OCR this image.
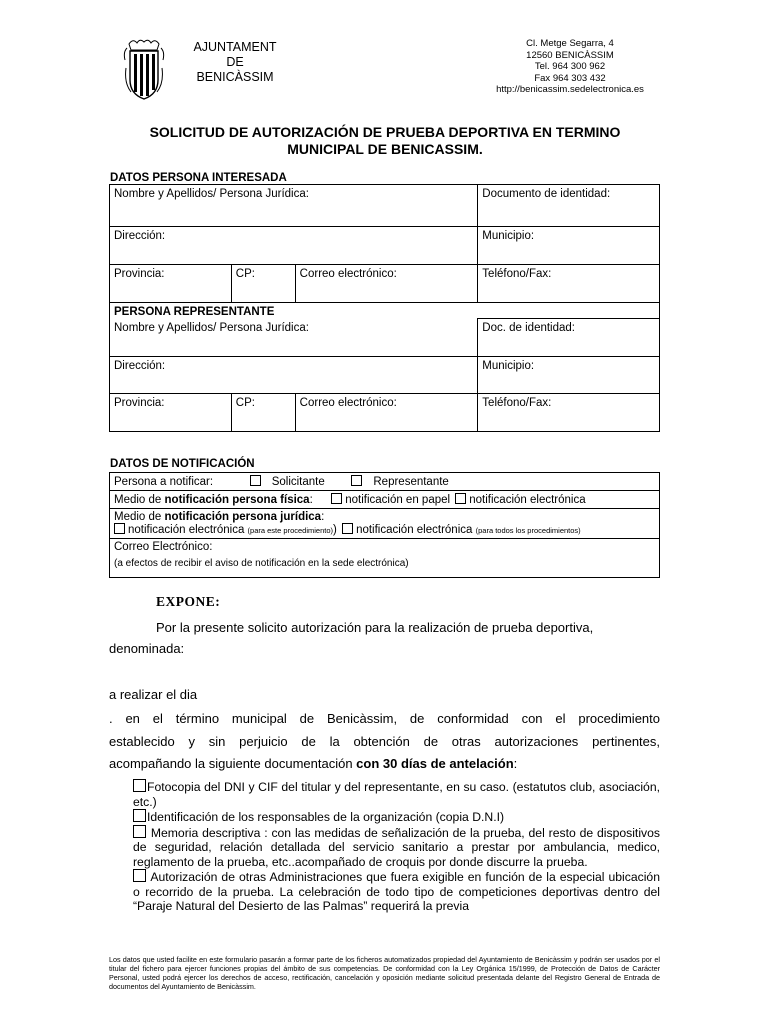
AJUNTAMENT
DE
BENICÀSSIM
Cl. Metge Segarra, 4
12560 BENICÀSSIM
Tel. 964 300 962
Fax 964 303 432
http://benicassim.sedelectronica.es
SOLICITUD DE AUTORIZACIÓN DE PRUEBA DEPORTIVA EN TERMINO
MUNICIPAL DE BENICASSIM.
DATOS PERSONA INTERESADA
Nombre y Apellidos/ Persona Jurídica:			Documento de identidad:
Dirección:			Municipio:
Provincia:	CP:	Correo electrónico:	Teléfono/Fax:
PERSONA REPRESENTANTE			
Nombre y Apellidos/ Persona Jurídica:			Doc. de identidad:
Dirección:			Municipio:
Provincia:	CP:	Correo electrónico:	Teléfono/Fax:
DATOS DE NOTIFICACIÓN
Persona a notificar:	Solicitante	Representante
Medio de notificación persona física:	notificación en papel notificación electrónica
Medio de notificación persona jurídica:
notificación electrónica (para este procedimiento)) notificación electrónica (para todos los procedimientos)
Correo Electrónico:
(a efectos de recibir el aviso de notificación en la sede electrónica)
EXPONE:
Por la presente solicito autorización para la realización de prueba deportiva,
denominada:
a realizar el dia
. en el término municipal de Benicàssim, de conformidad con el procedimiento
establecido y sin perjuicio de la obtención de otras autorizaciones pertinentes,
acompañando la siguiente documentación con 30 días de antelación:

Fotocopia del DNI y CIF del titular y del representante, en su caso. (estatutos club, asociación, etc.)

Identificación de los responsables de la organización (copia D.N.I)

Memoria descriptiva : con las medidas de señalización de la prueba, del resto de dispositivos de seguridad, relación detallada del servicio sanitario a prestar por ambulancia, medico, reglamento de la prueba, etc..acompañado de croquis por donde discurre la prueba.

Autorización de otras Administraciones que fuera exigible en función de la especial ubicación o recorrido de la prueba. La celebración de todo tipo de competiciones deportivas dentro del “Paraje Natural del Desierto de las Palmas” requerirá la previa

Los datos que usted facilite en este formulario pasarán a formar parte de los ficheros automatizados propiedad del Ayuntamiento de Benicàssim y podrán ser usados por el titular del fichero para ejercer funciones propias del ámbito de sus competencias. De conformidad con la Ley Orgánica 15/1999, de Protección de Datos de Carácter Personal, usted podrá ejercer los derechos de acceso, rectificación, cancelación y oposición mediante solicitud presentada delante del Registro General de Entrada de documentos del Ayuntamiento de Benicàssim.
